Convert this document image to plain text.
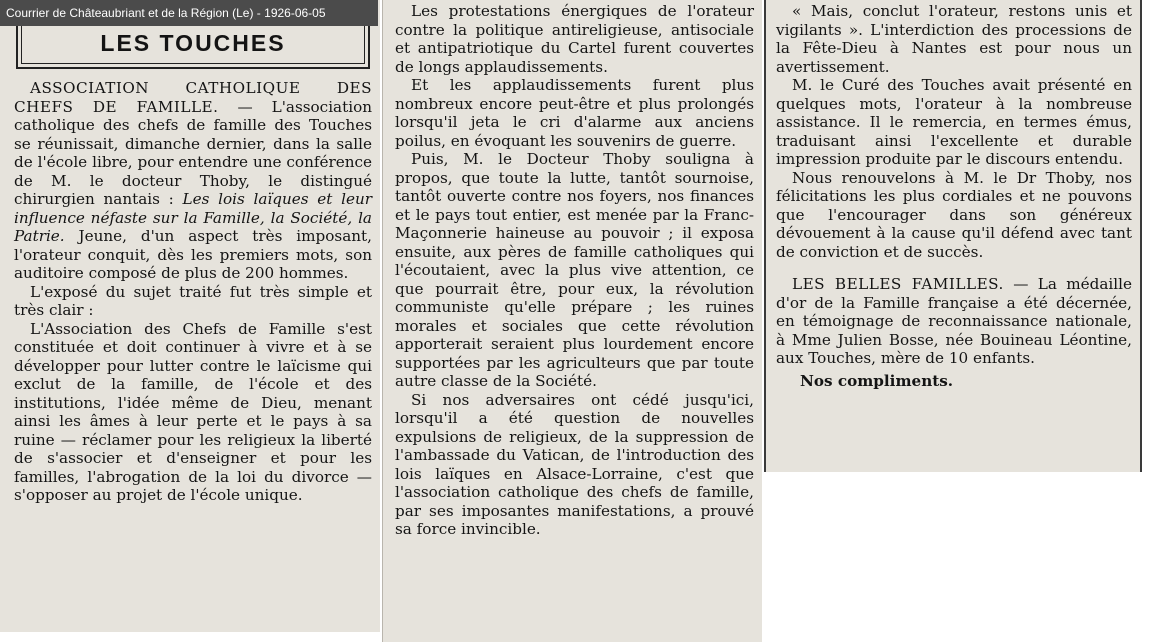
LES TOUCHES

ASSOCIATION CATHOLIQUE DES CHEFS DE FAMILLE. — L'association catholique des chefs de famille des Touches se réunissait, dimanche dernier, dans la salle de l'école libre, pour entendre une conférence de M. le docteur Thoby, le distingué chirurgien nantais : Les lois laïques et leur influence néfaste sur la Famille, la Société, la Patrie. Jeune, d'un aspect très imposant, l'orateur conquit, dès les premiers mots, son auditoire composé de plus de 200 hommes.

L'exposé du sujet traité fut très simple et très clair :

L'Association des Chefs de Famille s'est constituée et doit continuer à vivre et à se développer pour lutter contre le laïcisme qui exclut de la famille, de l'école et des institutions, l'idée même de Dieu, menant ainsi les âmes à leur perte et le pays à sa ruine — réclamer pour les religieux la liberté de s'associer et d'enseigner et pour les familles, l'abrogation de la loi du divorce — s'opposer au projet de l'école unique.

Courrier de Châteaubriant et de la Région (Le) - 1926-06-05	Les protestations énergiques de l'orateur contre la politique antireligieuse, antisociale et antipatriotique du Cartel furent couvertes de longs applaudissements.

Et les applaudissements furent plus nombreux encore peut-être et plus prolongés lorsqu'il jeta le cri d'alarme aux anciens poilus, en évoquant les souvenirs de guerre.

Puis, M. le Docteur Thoby souligna à propos, que toute la lutte, tantôt sournoise, tantôt ouverte contre nos foyers, nos finances et le pays tout entier, est menée par la Franc-Maçonnerie haineuse au pouvoir ; il exposa ensuite, aux pères de famille catholiques qui l'écoutaient, avec la plus vive attention, ce que pourrait être, pour eux, la révolution communiste qu'elle prépare ; les ruines morales et sociales que cette révolution apporterait seraient plus lourdement encore supportées par les agriculteurs que par toute autre classe de la Société.

Si nos adversaires ont cédé jusqu'ici, lorsqu'il a été question de nouvelles expulsions de religieux, de la suppression de l'ambassade du Vatican, de l'introduction des lois laïques en Alsace-Lorraine, c'est que l'association catholique des chefs de famille, par ses imposantes manifestations, a prouvé sa force invincible.

« Mais, conclut l'orateur, restons unis et vigilants ». L'interdiction des processions de la Fête-Dieu à Nantes est pour nous un avertissement.

M. le Curé des Touches avait présenté en quelques mots, l'orateur à la nombreuse assistance. Il le remercia, en termes émus, traduisant ainsi l'excellente et durable impression produite par le discours entendu.

Nous renouvelons à M. le Dr Thoby, nos félicitations les plus cordiales et ne pouvons que l'encourager dans son généreux dévouement à la cause qu'il défend avec tant de conviction et de succès.

LES BELLES FAMILLES. — La médaille d'or de la Famille française a été décernée, en témoignage de reconnaissance nationale, à Mme Julien Bosse, née Bouineau Léontine, aux Touches, mère de 10 enfants.

Nos compliments.
